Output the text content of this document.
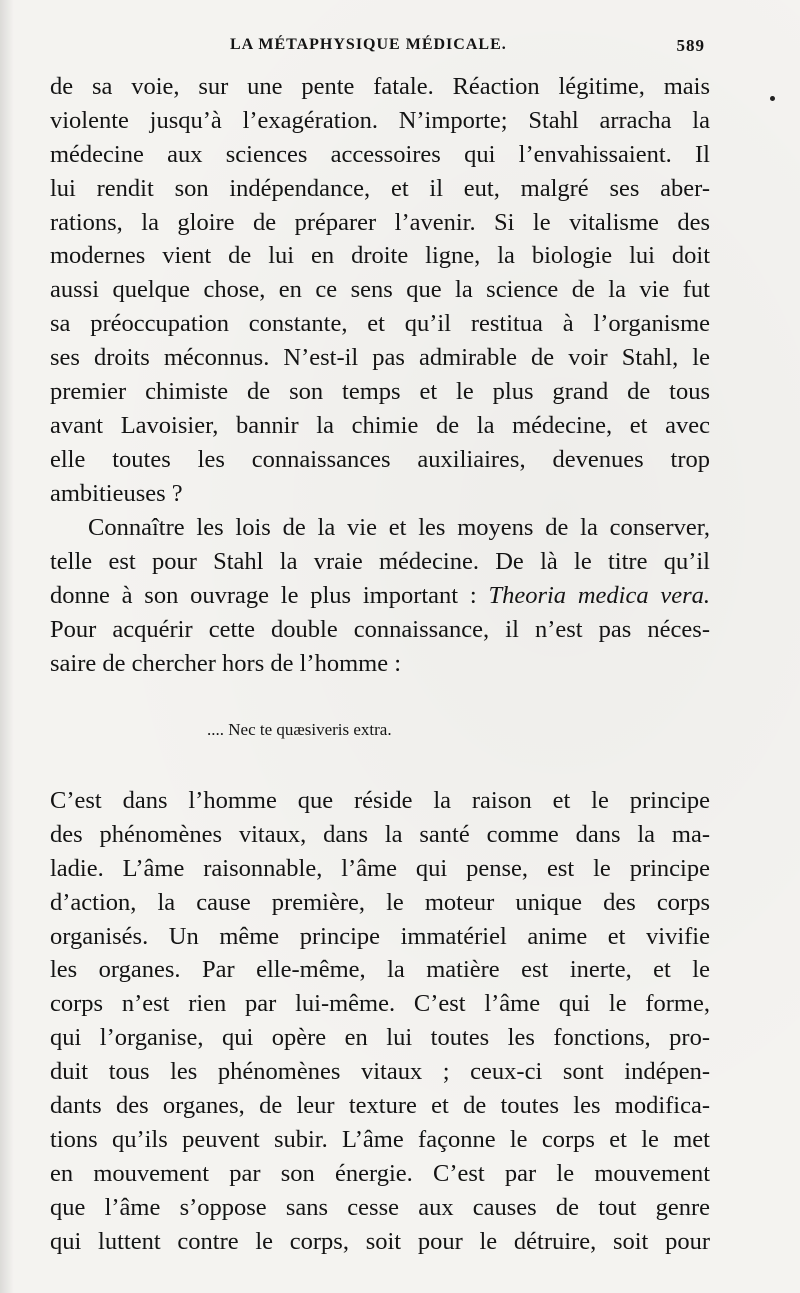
LA MÉTAPHYSIQUE MÉDICALE.	589
de sa voie, sur une pente fatale. Réaction légitime, mais
violente jusqu’à l’exagération. N’importe; Stahl arracha la
médecine aux sciences accessoires qui l’envahissaient. Il
lui rendit son indépendance, et il eut, malgré ses aber-
rations, la gloire de préparer l’avenir. Si le vitalisme des
modernes vient de lui en droite ligne, la biologie lui doit
aussi quelque chose, en ce sens que la science de la vie fut
sa préoccupation constante, et qu’il restitua à l’organisme
ses droits méconnus. N’est-il pas admirable de voir Stahl, le
premier chimiste de son temps et le plus grand de tous
avant Lavoisier, bannir la chimie de la médecine, et avec
elle toutes les connaissances auxiliaires, devenues trop
ambitieuses ?
Connaître les lois de la vie et les moyens de la conserver,
telle est pour Stahl la vraie médecine. De là le titre qu’il
donne à son ouvrage le plus important : Theoria medica vera.
Pour acquérir cette double connaissance, il n’est pas néces-
saire de chercher hors de l’homme :
.... Nec te quæsiveris extra.
C’est dans l’homme que réside la raison et le principe
des phénomènes vitaux, dans la santé comme dans la ma-
ladie. L’âme raisonnable, l’âme qui pense, est le principe
d’action, la cause première, le moteur unique des corps
organisés. Un même principe immatériel anime et vivifie
les organes. Par elle-même, la matière est inerte, et le
corps n’est rien par lui-même. C’est l’âme qui le forme,
qui l’organise, qui opère en lui toutes les fonctions, pro-
duit tous les phénomènes vitaux ; ceux-ci sont indépen-
dants des organes, de leur texture et de toutes les modifica-
tions qu’ils peuvent subir. L’âme façonne le corps et le met
en mouvement par son énergie. C’est par le mouvement
que l’âme s’oppose sans cesse aux causes de tout genre
qui luttent contre le corps, soit pour le détruire, soit pour
